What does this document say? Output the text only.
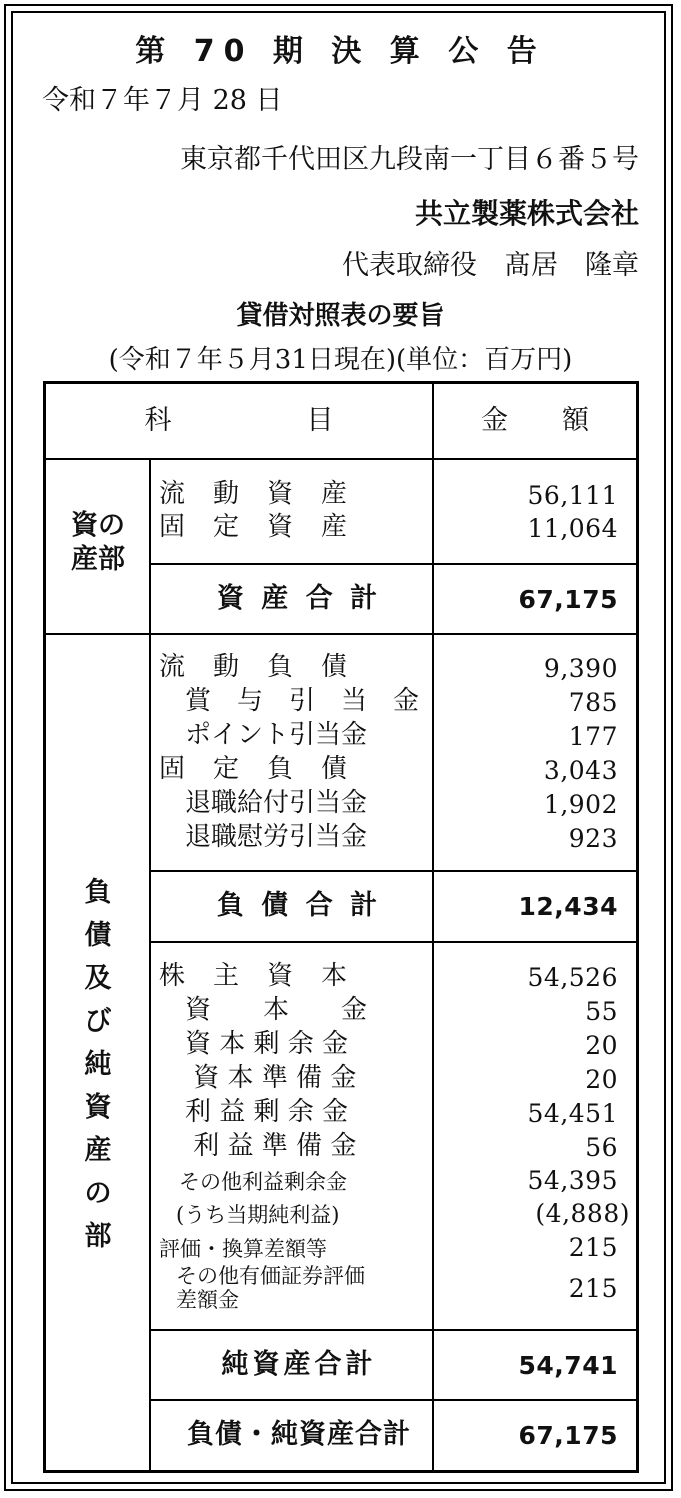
第 70 期 決 算 公 告
令和７年７月 28 日
東京都千代田区九段南一丁目６番５号
共立製薬株式会社
代表取締役　髙居　隆章
貸借対照表の要旨
(令和７年５月31日現在)(単位：百万円)
科　　　　　目	金　　額
資の
産部
流　動　資　産	56,111
固　定　資　産	11,064
資 産 合 計	67,175
負
債
及
び
純
資
産
の
部
流　動　負　債	9,390
　賞　与　引　当　金	785
　ポイント引当金	177
固　定　負　債	3,043
　退職給付引当金	1,902
　退職慰労引当金	923
負 債 合 計	12,434
株　主　資　本	54,526
　資　　本　　金	55
　資 本 剰 余 金	20
　 資 本 準 備 金	20
　利 益 剰 余 金	54,451
　 利 益 準 備 金	56
その他利益剰余金	54,395
(うち当期純利益)	(4,888)
評価・換算差額等	215
その他有価証券評価
差額金	215
純資産合計	54,741
負債・純資産合計	67,175
